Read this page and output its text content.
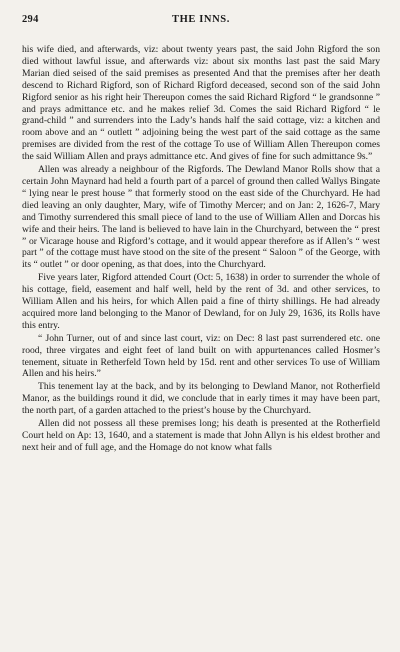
294	THE INNS.

his wife died, and afterwards, viz: about twenty years past, the said John Rigford the son died without lawful issue, and afterwards viz: about six months last past the said Mary Marian died seised of the said premises as presented And that the premises after her death descend to Richard Rigford, son of Richard Rigford deceased, second son of the said John Rigford senior as his right heir Thereupon comes the said Richard Rigford “ le grandsonne ” and prays admittance etc. and he makes relief 3d. Comes the said Richard Rigford “ le grand-child ” and surrenders into the Lady’s hands half the said cottage, viz: a kitchen and room above and an “ outlett ” adjoining being the west part of the said cottage as the same premises are divided from the rest of the cottage To use of William Allen Thereupon comes the said William Allen and prays admittance etc. And gives of fine for such admittance 9s.”

Allen was already a neighbour of the Rigfords. The Dewland Manor Rolls show that a certain John Maynard had held a fourth part of a parcel of ground then called Wallys Bingate “ lying near le prest house ” that formerly stood on the east side of the Churchyard. He had died leaving an only daughter, Mary, wife of Timothy Mercer; and on Jan: 2, 1626-7, Mary and Timothy surrendered this small piece of land to the use of William Allen and Dorcas his wife and their heirs. The land is believed to have lain in the Churchyard, between the “ prest ” or Vicarage house and Rigford’s cottage, and it would appear therefore as if Allen’s “ west part ” of the cottage must have stood on the site of the present “ Saloon ” of the George, with its “ outlet ” or door opening, as that does, into the Churchyard.

Five years later, Rigford attended Court (Oct: 5, 1638) in order to surrender the whole of his cottage, field, easement and half well, held by the rent of 3d. and other services, to William Allen and his heirs, for which Allen paid a fine of thirty shillings. He had already acquired more land belonging to the Manor of Dewland, for on July 29, 1636, its Rolls have this entry.

“ John Turner, out of and since last court, viz: on Dec: 8 last past surrendered etc. one rood, three virgates and eight feet of land built on with appurtenances called Hosmer’s tenement, situate in Retherfeld Town held by 15d. rent and other services To use of William Allen and his heirs.”

This tenement lay at the back, and by its belonging to Dewland Manor, not Rotherfield Manor, as the buildings round it did, we conclude that in early times it may have been part, the north part, of a garden attached to the priest’s house by the Churchyard.

Allen did not possess all these premises long; his death is presented at the Rotherfield Court held on Ap: 13, 1640, and a statement is made that John Allyn is his eldest brother and next heir and of full age, and the Homage do not know what falls
